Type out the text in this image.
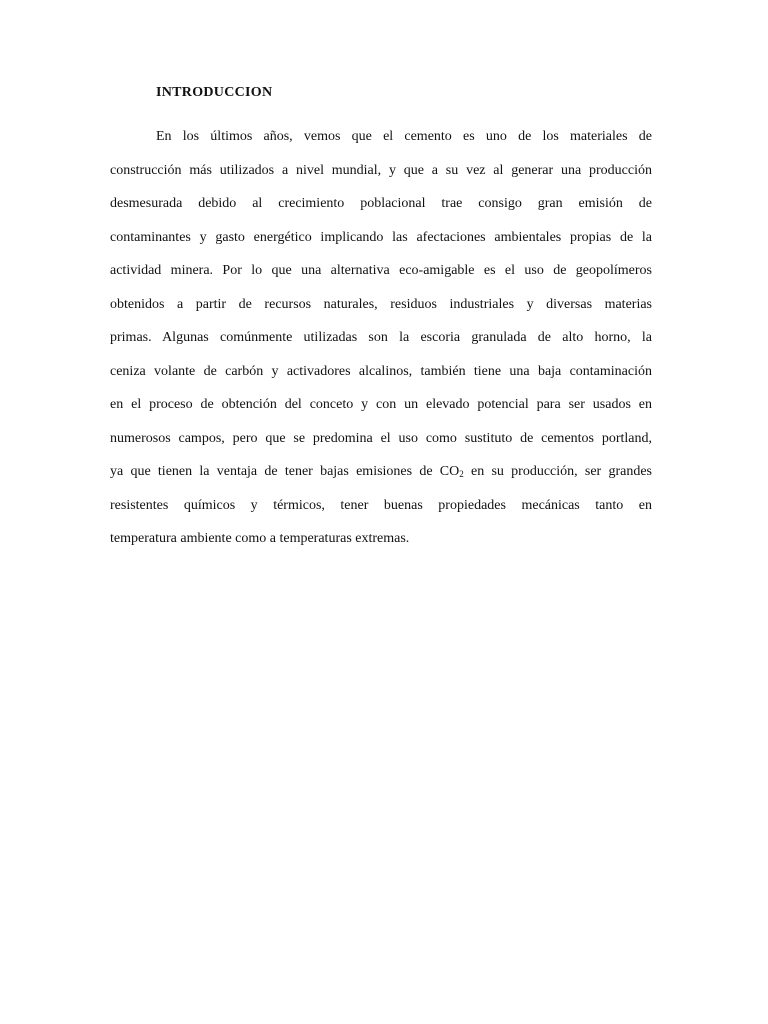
INTRODUCCION
En los últimos años, vemos que el cemento es uno de los materiales de
construcción más utilizados a nivel mundial, y que a su vez al generar una producción
desmesurada debido al crecimiento poblacional trae consigo gran emisión de
contaminantes y gasto energético implicando las afectaciones ambientales propias de la
actividad minera. Por lo que una alternativa eco-amigable es el uso de geopolímeros
obtenidos a partir de recursos naturales, residuos industriales y diversas materias
primas. Algunas comúnmente utilizadas son la escoria granulada de alto horno, la
ceniza volante de carbón y activadores alcalinos, también tiene una baja contaminación
en el proceso de obtención del conceto y con un elevado potencial para ser usados en
numerosos campos, pero que se predomina el uso como sustituto de cementos portland,
ya que tienen la ventaja de tener bajas emisiones de $CO_2$ en su producción, ser grandes
resistentes químicos y térmicos, tener buenas propiedades mecánicas tanto en
temperatura ambiente como a temperaturas extremas.
